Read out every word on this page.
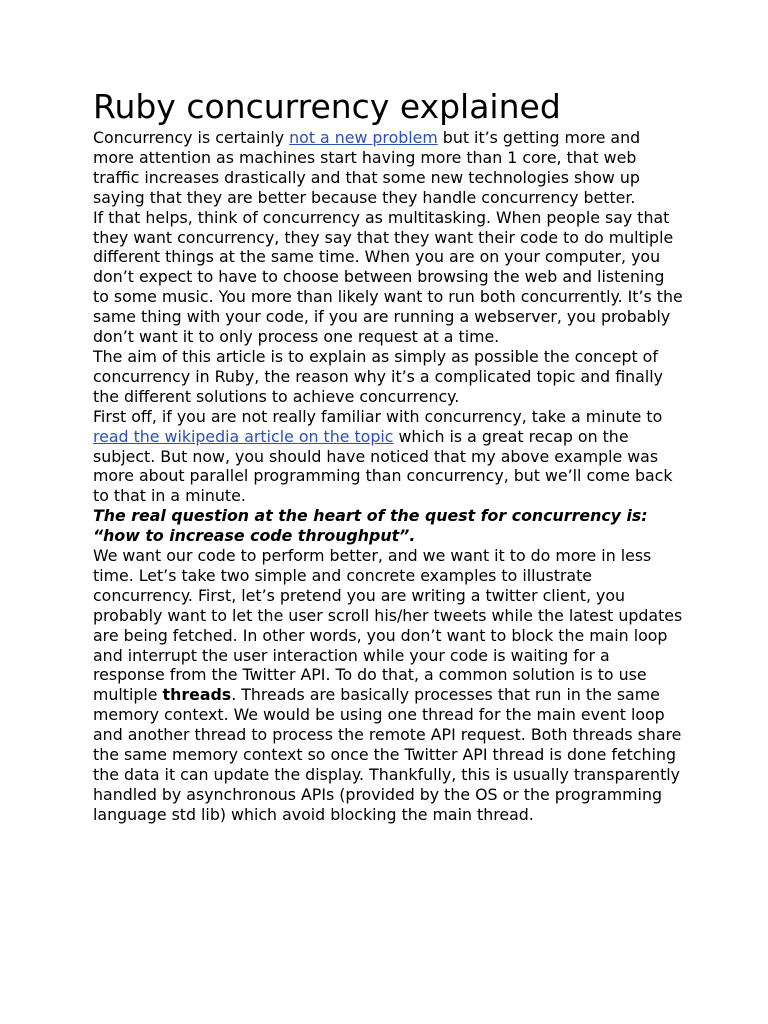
Ruby concurrency explained

Concurrency is certainly not a new problem but it’s getting more and more attention as machines start having more than 1 core, that web traffic increases drastically and that some new technologies show up saying that they are better because they handle concurrency better.

If that helps, think of concurrency as multitasking. When people say that they want concurrency, they say that they want their code to do multiple different things at the same time. When you are on your computer, you don’t expect to have to choose between browsing the web and listening to some music. You more than likely want to run both concurrently. It’s the same thing with your code, if you are running a webserver, you probably don’t want it to only process one request at a time.

The aim of this article is to explain as simply as possible the concept of concurrency in Ruby, the reason why it’s a complicated topic and finally the different solutions to achieve concurrency.

First off, if you are not really familiar with concurrency, take a minute to read the wikipedia article on the topic which is a great recap on the subject. But now, you should have noticed that my above example was more about parallel programming than concurrency, but we’ll come back to that in a minute.

The real question at the heart of the quest for concurrency is: “how to increase code throughput”.

We want our code to perform better, and we want it to do more in less time. Let’s take two simple and concrete examples to illustrate concurrency. First, let’s pretend you are writing a twitter client, you probably want to let the user scroll his/her tweets while the latest updates are being fetched. In other words, you don’t want to block the main loop and interrupt the user interaction while your code is waiting for a response from the Twitter API. To do that, a common solution is to use multiple threads. Threads are basically processes that run in the same memory context. We would be using one thread for the main event loop and another thread to process the remote API request. Both threads share the same memory context so once the Twitter API thread is done fetching the data it can update the display. Thankfully, this is usually transparently handled by asynchronous APIs (provided by the OS or the programming language std lib) which avoid blocking the main thread.
